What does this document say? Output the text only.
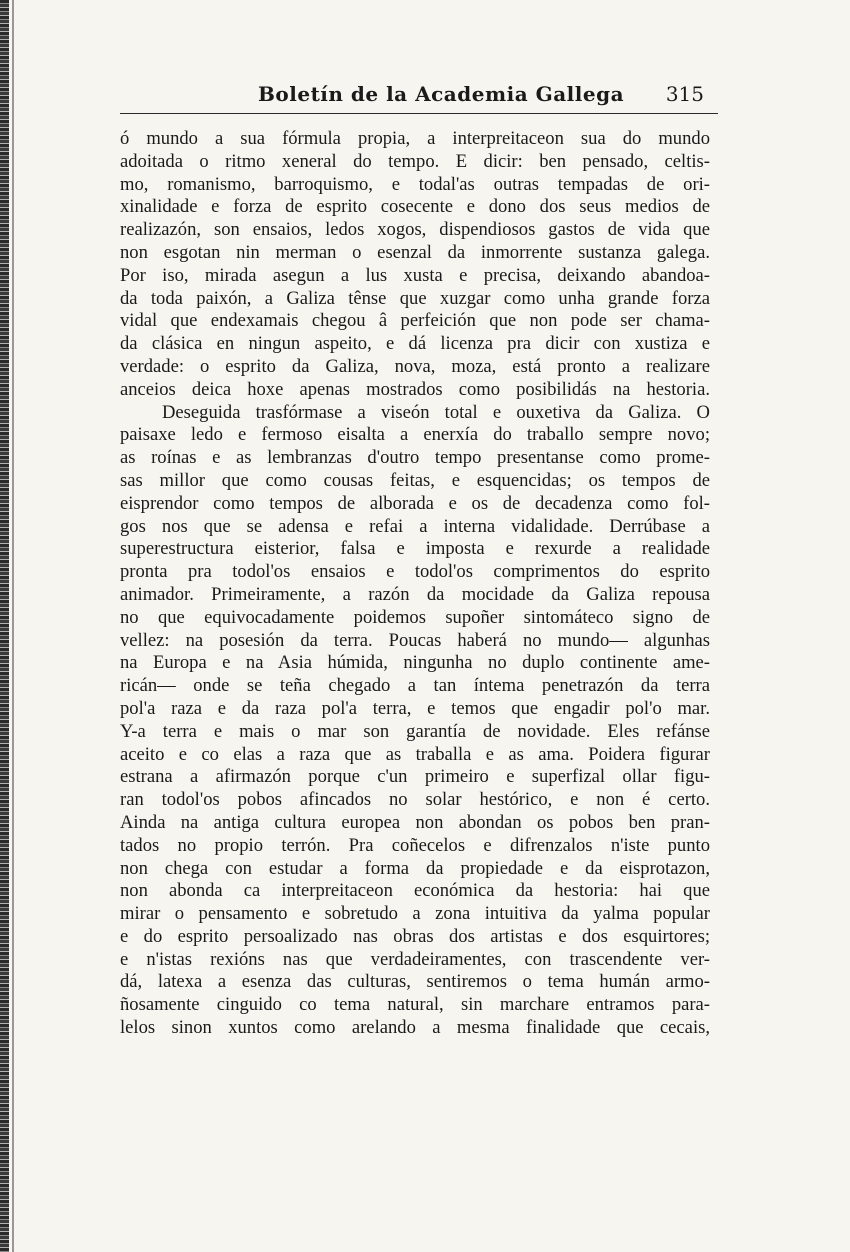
Boletín de la Academia Gallega 315
ó mundo a sua fórmula propia, a interpreitaceon sua do mundo
adoitada o ritmo xeneral do tempo. E dicir: ben pensado, celtis-
mo, romanismo, barroquismo, e todal'as outras tempadas de ori-
xinalidade e forza de esprito cosecente e dono dos seus medios de
realizazón, son ensaios, ledos xogos, dispendiosos gastos de vida que
non esgotan nin merman o esenzal da inmorrente sustanza galega.
Por iso, mirada asegun a lus xusta e precisa, deixando abandoa-
da toda paixón, a Galiza tênse que xuzgar como unha grande forza
vidal que endexamais chegou â perfeición que non pode ser chama-
da clásica en ningun aspeito, e dá licenza pra dicir con xustiza e
verdade: o esprito da Galiza, nova, moza, está pronto a realizare
anceios deica hoxe apenas mostrados como posibilidás na hestoria.
Deseguida trasfórmase a viseón total e ouxetiva da Galiza. O
paisaxe ledo e fermoso eisalta a enerxía do traballo sempre novo;
as roínas e as lembranzas d'outro tempo presentanse como prome-
sas millor que como cousas feitas, e esquencidas; os tempos de
eisprendor como tempos de alborada e os de decadenza como fol-
gos nos que se adensa e refai a interna vidalidade. Derrúbase a
superestructura eisterior, falsa e imposta e rexurde a realidade
pronta pra todol'os ensaios e todol'os comprimentos do esprito
animador. Primeiramente, a razón da mocidade da Galiza repousa
no que equivocadamente poidemos supoñer sintomáteco signo de
vellez: na posesión da terra. Poucas haberá no mundo— algunhas
na Europa e na Asia húmida, ningunha no duplo continente ame-
ricán— onde se teña chegado a tan íntema penetrazón da terra
pol'a raza e da raza pol'a terra, e temos que engadir pol'o mar.
Y-a terra e mais o mar son garantía de novidade. Eles refánse
aceito e co elas a raza que as traballa e as ama. Poidera figurar
estrana a afirmazón porque c'un primeiro e superfizal ollar figu-
ran todol'os pobos afincados no solar hestórico, e non é certo.
Ainda na antiga cultura europea non abondan os pobos ben pran-
tados no propio terrón. Pra coñecelos e difrenzalos n'iste punto
non chega con estudar a forma da propiedade e da eisprotazon,
non abonda ca interpreitaceon económica da hestoria: hai que
mirar o pensamento e sobretudo a zona intuitiva da yalma popular
e do esprito persoalizado nas obras dos artistas e dos esquirtores;
e n'istas rexións nas que verdadeiramentes, con trascendente ver-
dá, latexa a esenza das culturas, sentiremos o tema humán armo-
ñosamente cinguido co tema natural, sin marchare entramos para-
lelos sinon xuntos como arelando a mesma finalidade que cecais,
